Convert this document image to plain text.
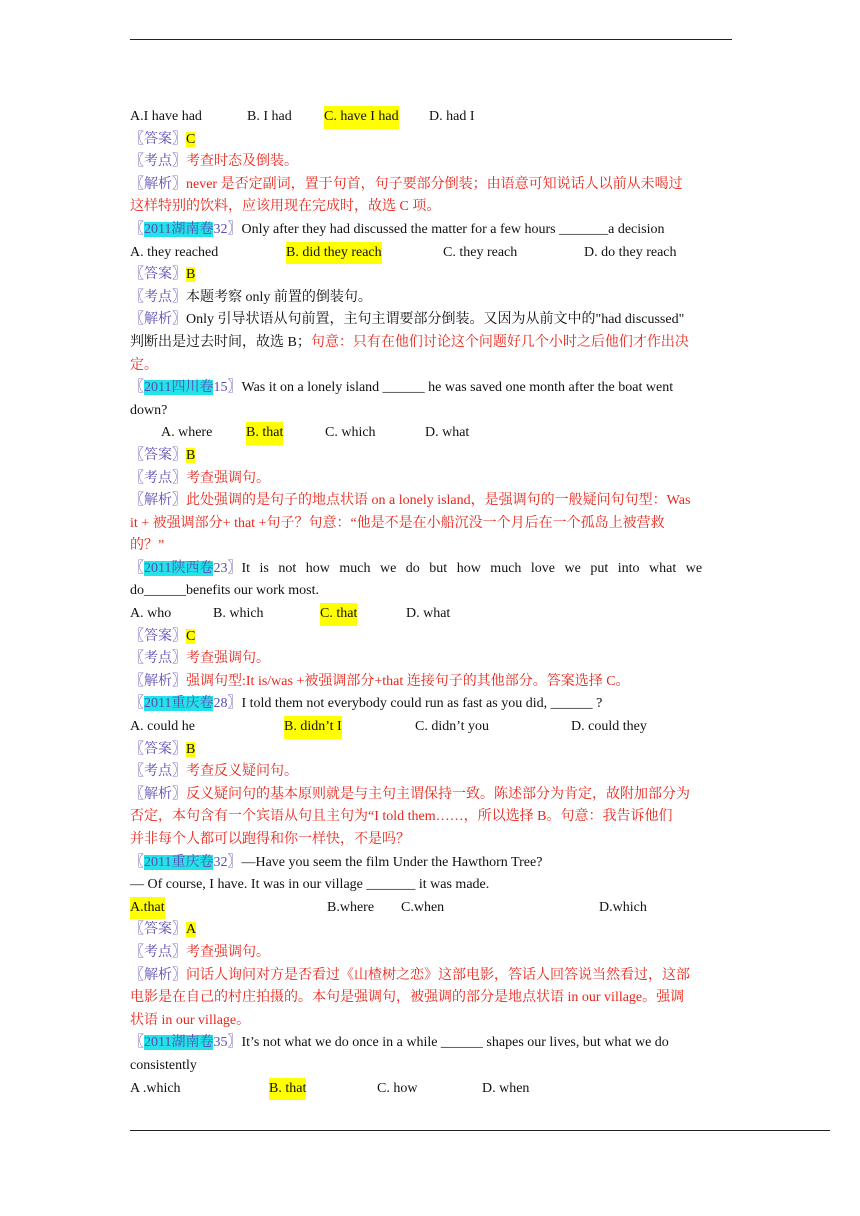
A.I have had

	B. I had

C. have I had

D. had I

〖答案〗C
〖考点〗考查时态及倒装。
〖解析〗never 是否定副词，置于句首，句子要部分倒装；由语意可知说话人以前从未喝过
这样特别的饮料，应该用现在完成时，故选 C 项。
〖2011湖南卷32〗Only after they had discussed the matter for a few hours _______a decision

A. they reached

	B. did they reach

	C. they reach

	D. do they reach

〖答案〗B
〖考点〗本题考察 only 前置的倒装句。
〖解析〗Only 引导状语从句前置，主句主谓要部分倒装。又因为从前文中的"had discussed"
判断出是过去时间，故选 B；句意：只有在他们讨论这个问题好几个小时之后他们才作出决
定。
〖2011四川卷15〗Was it on a lonely island ______ he was saved one month after the boat went
down?

A. where

B. that

	C. which

	D. what

〖答案〗B
〖考点〗考查强调句。
〖解析〗此处强调的是句子的地点状语 on a lonely island，是强调句的一般疑问句句型：Was
it + 被强调部分+ that +句子？句意：“他是不是在小船沉没一个月后在一个孤岛上被营救
的？”
〖2011陕西卷23〗It is not how much we do but how much love we put into what we
do______benefits our work most.

A. who

	B. which

	C. that

	D. what

〖答案〗C
〖考点〗考查强调句。
〖解析〗强调句型:It is/was +被强调部分+that 连接句子的其他部分。答案选择 C。
〖2011重庆卷28〗I told them not everybody could run as fast as you did, ______ ?

A. could he

	B. didn’t I

	C. didn’t you

	D. could they

〖答案〗B
〖考点〗考查反义疑问句。
〖解析〗反义疑问句的基本原则就是与主句主谓保持一致。陈述部分为肯定，故附加部分为
否定，本句含有一个宾语从句且主句为“I told them……，所以选择 B。句意：我告诉他们
并非每个人都可以跑得和你一样快，不是吗？
〖2011重庆卷32〗—Have you seem the film Under the Hawthorn Tree?
— Of course, I have. It was in our village _______ it was made.

A.that

	B.where

C.when

	D.which

〖答案〗A
〖考点〗考查强调句。
〖解析〗问话人询问对方是否看过《山楂树之恋》这部电影，答话人回答说当然看过，这部
电影是在自己的村庄拍摄的。本句是强调句，被强调的部分是地点状语 in our village。强调
状语 in our village。
〖2011湖南卷35〗It’s not what we do once in a while ______ shapes our lives, but what we do
consistently

A .which

	B. that

	C. how

	D. when
